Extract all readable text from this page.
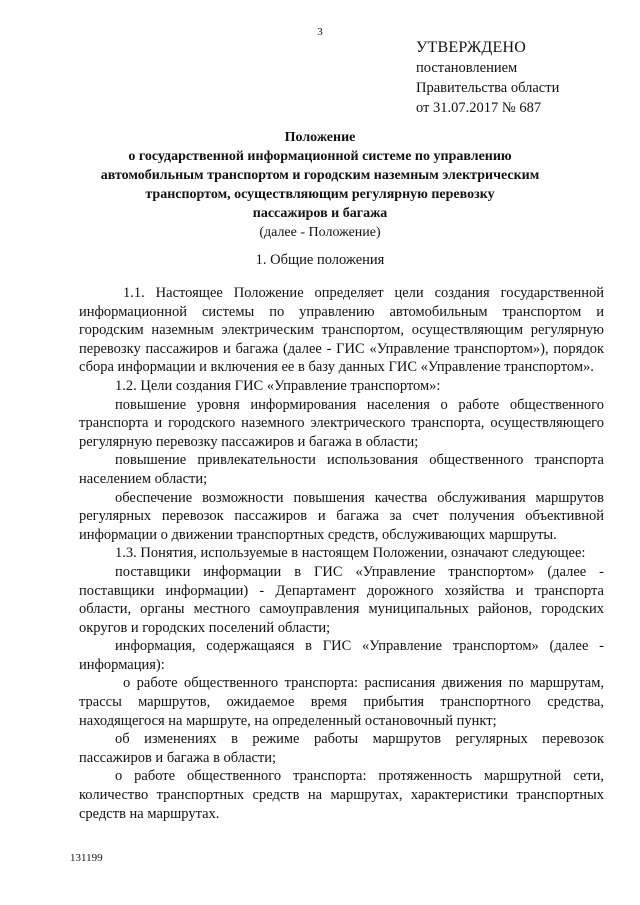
3
УТВЕРЖДЕНО
постановлением
Правительства области
от 31.07.2017 № 687
Положение
о государственной информационной системе по управлению
автомобильным транспортом и городским наземным электрическим
транспортом, осуществляющим регулярную перевозку
пассажиров и багажа
(далее - Положение)
1. Общие положения

1.1. Настоящее Положение определяет цели создания государственной информационной системы по управлению автомобильным транспортом и городским наземным электрическим транспортом, осуществляющим регулярную перевозку пассажиров и багажа (далее - ГИС «Управление транспортом»), порядок сбора информации и включения ее в базу данных ГИС «Управление транспортом».

1.2. Цели создания ГИС «Управление транспортом»:

повышение уровня информирования населения о работе общественного транспорта и городского наземного электрического транспорта, осуществляющего регулярную перевозку пассажиров и багажа в области;

повышение привлекательности использования общественного транспорта населением области;

обеспечение возможности повышения качества обслуживания маршрутов регулярных перевозок пассажиров и багажа за счет получения объективной информации о движении транспортных средств, обслуживающих маршруты.

1.3. Понятия, используемые в настоящем Положении, означают следующее:

поставщики информации в ГИС «Управление транспортом» (далее - поставщики информации) - Департамент дорожного хозяйства и транспорта области, органы местного самоуправления муниципальных районов, городских округов и городских поселений области;

информация, содержащаяся в ГИС «Управление транспортом» (далее - информация):

о работе общественного транспорта: расписания движения по маршрутам, трассы маршрутов, ожидаемое время прибытия транспортного средства, находящегося на маршруте, на определенный остановочный пункт;

об изменениях в режиме работы маршрутов регулярных перевозок пассажиров и багажа в области;

о работе общественного транспорта: протяженность маршрутной сети, количество транспортных средств на маршрутах, характеристики транспортных средств на маршрутах.

131199
